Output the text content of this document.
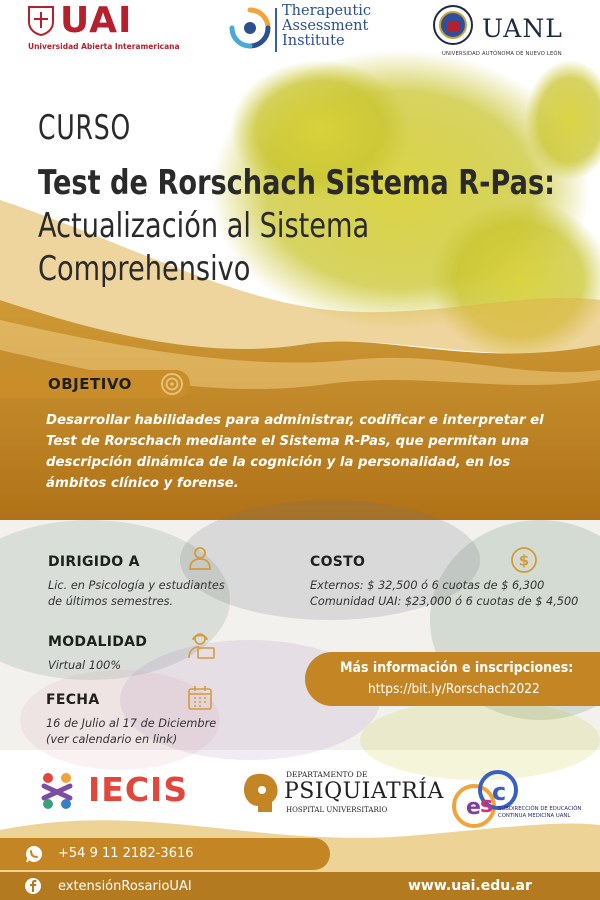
UAI
Universidad Abierta Interamericana
Therapeutic
Assessment
Institute	UANL
UNIVERSIDAD AUTÓNOMA DE NUEVO LEÓN
CURSO
Test de Rorschach Sistema R-Pas:
Actualización al Sistema
Comprehensivo
OBJETIVO
Desarrollar habilidades para administrar, codificar e interpretar el Test de Rorschach mediante el Sistema R-Pas, que permitan una descripción dinámica de la cognición y la personalidad, en los ámbitos clínico y forense.
DIRIGIDO A
Lic. en Psicología y estudiantes
de últimos semestres.
MODALIDAD
Virtual 100%
FECHA
16 de Julio al 17 de Diciembre
(ver calendario en link)
COSTO	$
Externos: $ 32,500 ó 6 cuotas de $ 6,300
Comunidad UAI: $23,000 ó 6 cuotas de $ 4,500
Más información e inscripciones:
https://bit.ly/Rorschach2022
IECIS	DEPARTAMENTO DE
PSIQUIATRÍA
HOSPITAL UNIVERSITARIO	e s
c
SUBDIRECCIÓN DE EDUCACIÓN CONTINUA MEDICINA UANL
+54 9 11 2182-3616
extensiónRosarioUAI	www.uai.edu.ar
